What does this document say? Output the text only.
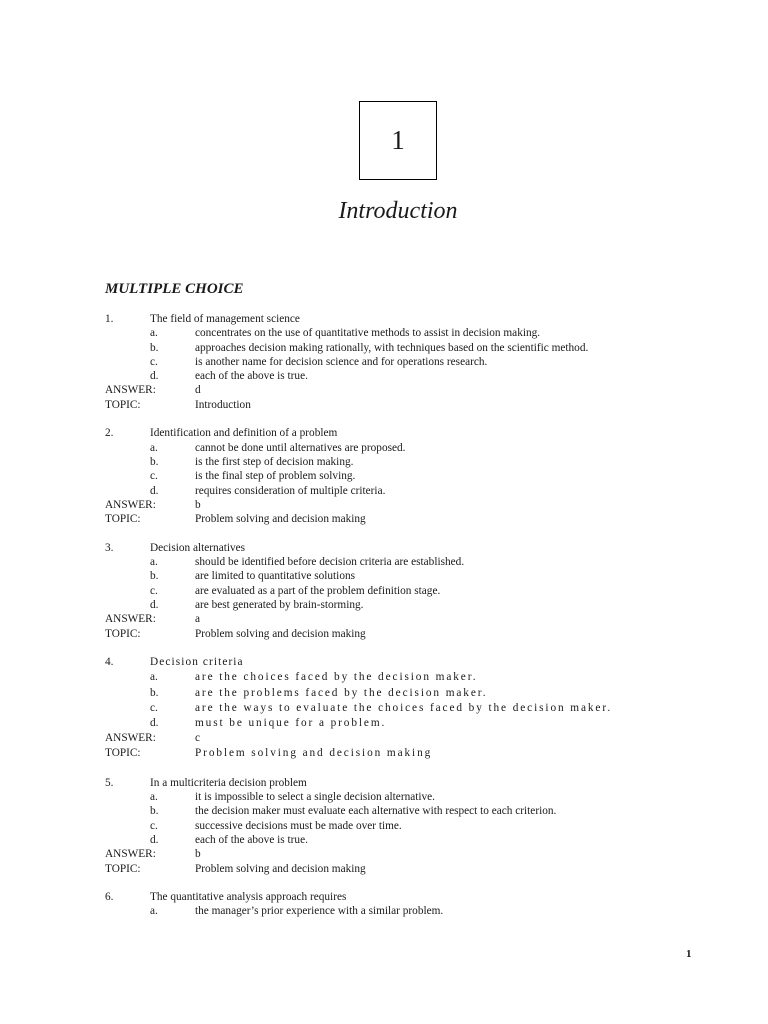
1
Introduction
MULTIPLE CHOICE
1.	The field of management science
a.	concentrates on the use of quantitative methods to assist in decision making.
b.	approaches decision making rationally, with techniques based on the scientific method.
c.	is another name for decision science and for operations research.
d.	each of the above is true.
ANSWER:	d
TOPIC:	Introduction
2.	Identification and definition of a problem
a.	cannot be done until alternatives are proposed.
b.	is the first step of decision making.
c.	is the final step of problem solving.
d.	requires consideration of multiple criteria.
ANSWER:	b
TOPIC:	Problem solving and decision making
3.	Decision alternatives
a.	should be identified before decision criteria are established.
b.	are limited to quantitative solutions
c.	are evaluated as a part of the problem definition stage.
d.	are best generated by brain-storming.
ANSWER:	a
TOPIC:	Problem solving and decision making
4.	Decision criteria
a.	are the choices faced by the decision maker.
b.	are the problems faced by the decision maker.
c.	are the ways to evaluate the choices faced by the decision maker.
d.	must be unique for a problem.
ANSWER:	c
TOPIC:	Problem solving and decision making
5.	In a multicriteria decision problem
a.	it is impossible to select a single decision alternative.
b.	the decision maker must evaluate each alternative with respect to each criterion.
c.	successive decisions must be made over time.
d.	each of the above is true.
ANSWER:	b
TOPIC:	Problem solving and decision making
6.	The quantitative analysis approach requires
a.	the manager’s prior experience with a similar problem.
1
